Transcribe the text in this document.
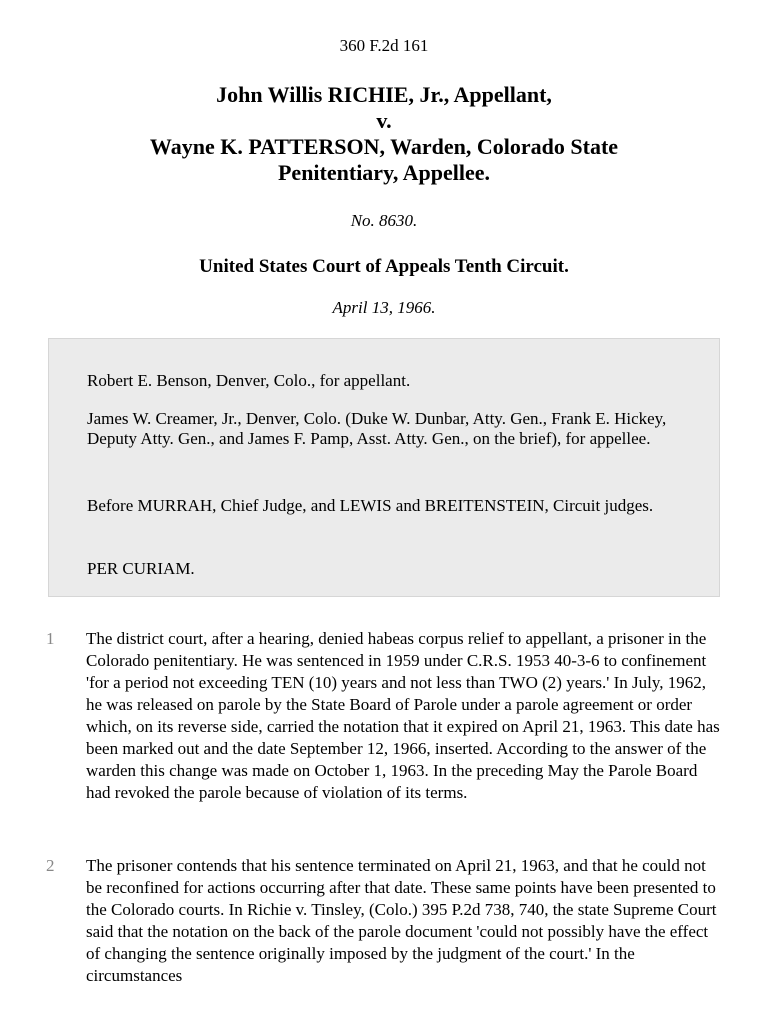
360 F.2d 161
John Willis RICHIE, Jr., Appellant,
v.
Wayne K. PATTERSON, Warden, Colorado State
Penitentiary, Appellee.
No. 8630.
United States Court of Appeals Tenth Circuit.
April 13, 1966.

Robert E. Benson, Denver, Colo., for appellant.

James W. Creamer, Jr., Denver, Colo. (Duke W. Dunbar, Atty. Gen., Frank E. Hickey, Deputy Atty. Gen., and James F. Pamp, Asst. Atty. Gen., on the brief), for appellee.

Before MURRAH, Chief Judge, and LEWIS and BREITENSTEIN, Circuit judges.

PER CURIAM.

1	The district court, after a hearing, denied habeas corpus relief to appellant, a prisoner in the Colorado penitentiary. He was sentenced in 1959 under C.R.S. 1953 40-3-6 to confinement 'for a period not exceeding TEN (10) years and not less than TWO (2) years.' In July, 1962, he was released on parole by the State Board of Parole under a parole agreement or order which, on its reverse side, carried the notation that it expired on April 21, 1963. This date has been marked out and the date September 12, 1966, inserted. According to the answer of the warden this change was made on October 1, 1963. In the preceding May the Parole Board had revoked the parole because of violation of its terms.

2	The prisoner contends that his sentence terminated on April 21, 1963, and that he could not be reconfined for actions occurring after that date. These same points have been presented to the Colorado courts. In Richie v. Tinsley, (Colo.) 395 P.2d 738, 740, the state Supreme Court said that the notation on the back of the parole document 'could not possibly have the effect of changing the sentence originally imposed by the judgment of the court.' In the circumstances
